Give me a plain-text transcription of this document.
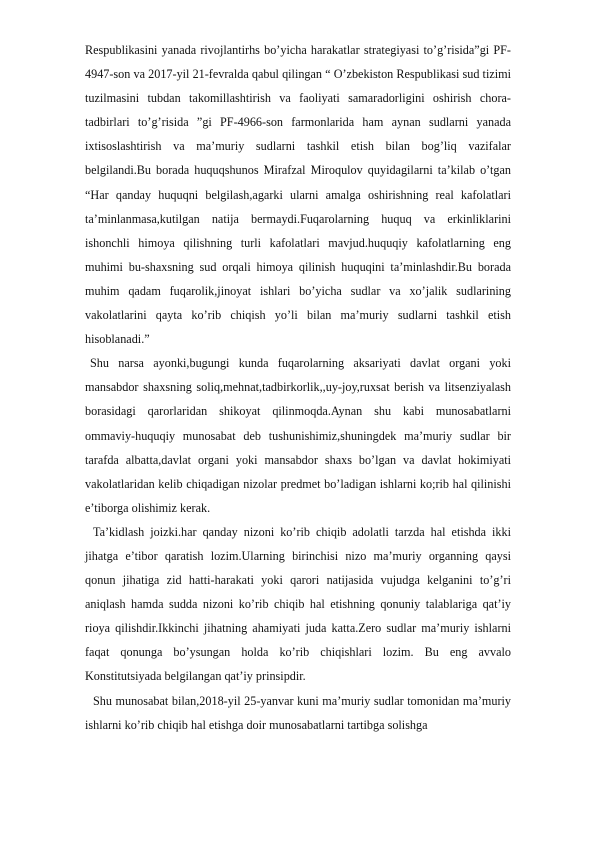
Respublikasini yanada rivojlantirhs bo’yicha harakatlar strategiyasi to’g’risida”gi PF-4947-son va 2017-yil 21-fevralda qabul qilingan “ O’zbekiston Respublikasi sud tizimi tuzilmasini tubdan takomillashtirish va faoliyati samaradorligini oshirish chora-tadbirlari to’g’risida ”gi PF-4966-son farmonlarida ham aynan sudlarni yanada ixtisoslashtirish va ma’muriy sudlarni tashkil etish bilan bog’liq vazifalar belgilandi.Bu borada huquqshunos Mirafzal Miroqulov quyidagilarni ta’kilab o’tgan “Har qanday huquqni belgilash,agarki ularni amalga oshirishning real kafolatlari ta’minlanmasa,kutilgan natija bermaydi.Fuqarolarning huquq va erkinliklarini ishonchli himoya qilishning turli kafolatlari mavjud.huquqiy kafolatlarning eng muhimi bu-shaxsning sud orqali himoya qilinish huquqini ta’minlashdir.Bu borada muhim qadam fuqarolik,jinoyat ishlari bo’yicha sudlar va xo’jalik sudlarining vakolatlarini qayta ko’rib chiqish yo’li bilan ma’muriy sudlarni tashkil etish hisoblanadi.”

Shu narsa ayonki,bugungi kunda fuqarolarning aksariyati davlat organi yoki mansabdor shaxsning soliq,mehnat,tadbirkorlik,,uy-joy,ruxsat berish va litsenziyalash borasidagi qarorlaridan shikoyat qilinmoqda.Aynan shu kabi munosabatlarni ommaviy-huquqiy munosabat deb tushunishimiz,shuningdek ma’muriy sudlar bir tarafda albatta,davlat organi yoki mansabdor shaxs bo’lgan va davlat hokimiyati vakolatlaridan kelib chiqadigan nizolar predmet bo’ladigan ishlarni ko;rib hal qilinishi e’tiborga olishimiz kerak.

Ta’kidlash joizki.har qanday nizoni ko’rib chiqib adolatli tarzda hal etishda ikki jihatga e’tibor qaratish lozim.Ularning birinchisi nizo ma’muriy organning qaysi qonun jihatiga zid hatti-harakati yoki qarori natijasida vujudga kelganini to’g’ri aniqlash hamda sudda nizoni ko’rib chiqib hal etishning qonuniy talablariga qat’iy rioya qilishdir.Ikkinchi jihatning ahamiyati juda katta.Zero sudlar ma’muriy ishlarni faqat qonunga bo’ysungan holda ko’rib chiqishlari lozim. Bu eng avvalo Konstitutsiyada belgilangan qat’iy prinsipdir.

Shu munosabat bilan,2018-yil 25-yanvar kuni ma’muriy sudlar tomonidan ma’muriy ishlarni ko’rib chiqib hal etishga doir munosabatlarni tartibga solishga
